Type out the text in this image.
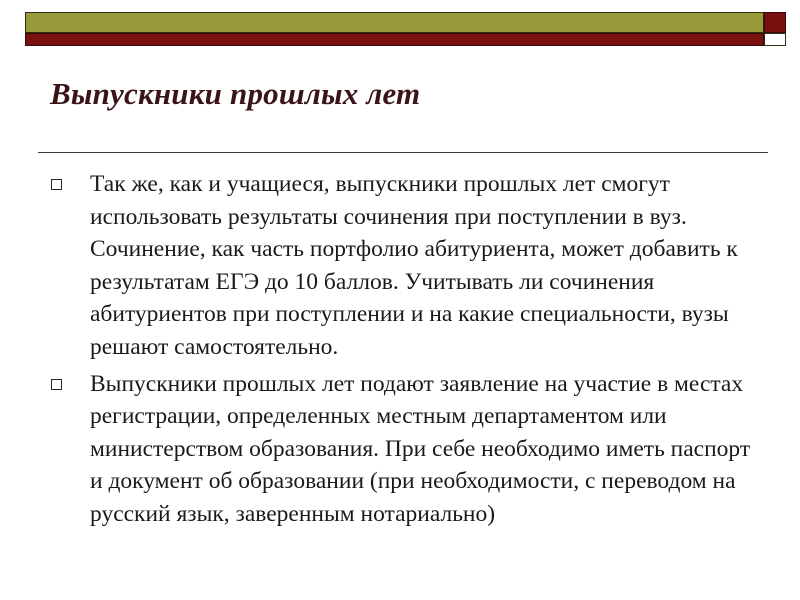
Выпускники прошлых лет
Так же, как и учащиеся, выпускники прошлых лет смогут использовать результаты сочинения при поступлении в вуз. Сочинение, как часть портфолио абитуриента, может добавить к результатам ЕГЭ до 10 баллов. Учитывать ли сочинения абитуриентов при поступлении и на какие специальности, вузы решают самостоятельно.
Выпускники прошлых лет подают заявление на участие в местах регистрации, определенных местным департаментом или министерством образования. При себе необходимо иметь паспорт и документ об образовании (при необходимости, с переводом на русский язык, заверенным нотариально)
